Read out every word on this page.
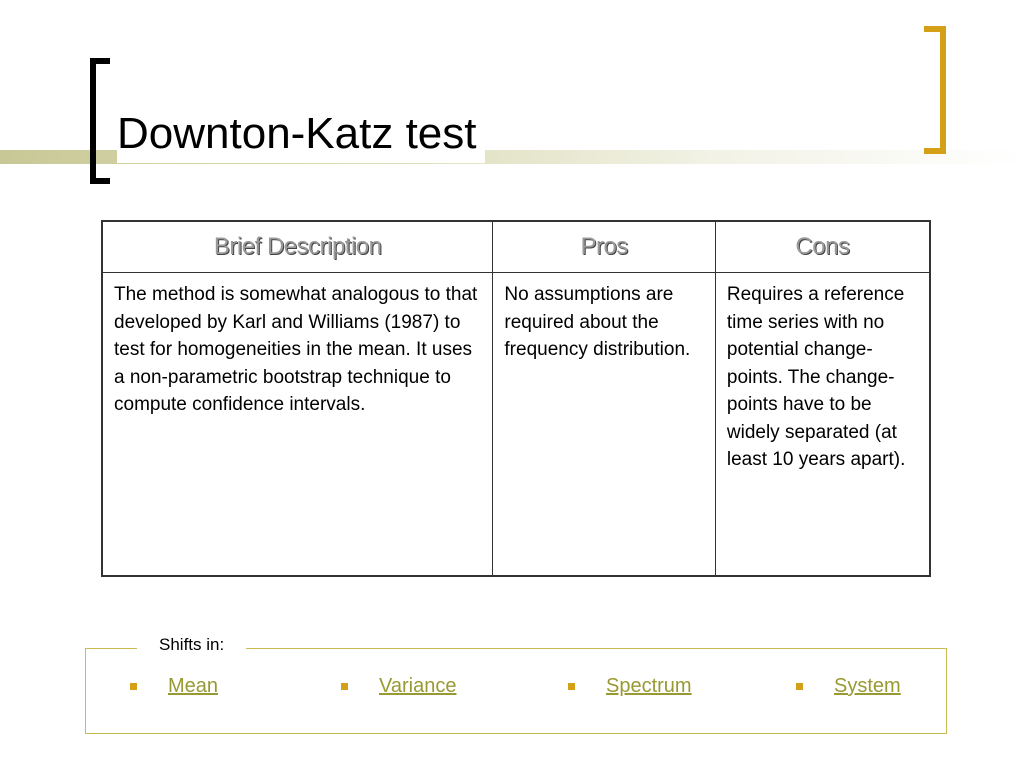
Downton-Katz test
Brief Description	Pros	Cons
The method is somewhat analogous to that developed by Karl and Williams (1987) to test for homogeneities in the mean. It uses a non-parametric bootstrap technique to compute confidence intervals.	No assumptions are required about the frequency distribution.	Requires a reference time series with no potential change-points. The change-points have to be widely separated (at least 10 years apart).
Shifts in:
Mean	Variance	Spectrum	System
